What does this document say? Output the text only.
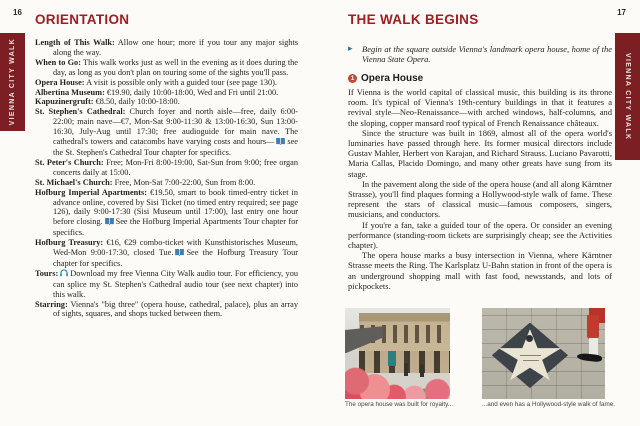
16
VIENNA CITY WALK
ORIENTATION
Length of This Walk: Allow one hour; more if you tour any major sights along the way.
When to Go: This walk works just as well in the evening as it does during the day, as long as you don't plan on touring some of the sights you'll pass.
Opera House: A visit is possible only with a guided tour (see page 130).
Albertina Museum: €19.90, daily 10:00-18:00, Wed and Fri until 21:00.
Kapuzinergruft: €8.50, daily 10:00-18:00.
St. Stephen's Cathedral: Church foyer and north aisle—free, daily 6:00-22:00; main nave—€7, Mon-Sat 9:00-11:30 & 13:00-16:30, Sun 13:00-16:30, July-Aug until 17:30; free audioguide for main nave. The cathedral's towers and catacombs have varying costs and hours— see the St. Stephen's Cathedral Tour chapter for specifics.
St. Peter's Church: Free; Mon-Fri 8:00-19:00, Sat-Sun from 9:00; free organ concerts daily at 15:00.
St. Michael's Church: Free, Mon-Sat 7:00-22:00, Sun from 8:00.
Hofburg Imperial Apartments: €19.50, smart to book timed-entry ticket in advance online, covered by Sisi Ticket (no timed entry required; see page 126), daily 9:00-17:30 (Sisi Museum until 17:00), last entry one hour before closing. See the Hofburg Imperial Apartments Tour chapter for specifics.
Hofburg Treasury: €16, €29 combo-ticket with Kunsthistorisches Museum, Wed-Mon 9:00-17:30, closed Tue. See the Hofburg Treasury Tour chapter for specifics.
Tours: Download my free Vienna City Walk audio tour. For efficiency, you can splice my St. Stephen's Cathedral audio tour (see next chapter) into this walk.
Starring: Vienna's "big three" (opera house, cathedral, palace), plus an array of sights, squares, and shops tucked between them.
17
VIENNA CITY WALK
THE WALK BEGINS
▸ Begin at the square outside Vienna's landmark opera house, home of the Vienna State Opera.
1 Opera House

If Vienna is the world capital of classical music, this building is its throne room. It's typical of Vienna's 19th-century buildings in that it features a revival style—Neo-Renaissance—with arched windows, half-columns, and the sloping, copper mansard roof typical of French Renaissance châteaux.

Since the structure was built in 1869, almost all of the opera world's luminaries have passed through here. Its former musical directors include Gustav Mahler, Herbert von Karajan, and Richard Strauss. Luciano Pavarotti, Maria Callas, Placido Domingo, and many other greats have sung from its stage.

In the pavement along the side of the opera house (and all along Kärntner Strasse), you'll find plaques forming a Hollywood-style walk of fame. These represent the stars of classical music—famous composers, singers, musicians, and conductors.

If you're a fan, take a guided tour of the opera. Or consider an evening performance (standing-room tickets are surprisingly cheap; see the Activities chapter).

The opera house marks a busy intersection in Vienna, where Kärntner Strasse meets the Ring. The Karlsplatz U-Bahn station in front of the opera is an underground shopping mall with fast food, newsstands, and lots of pickpockets.

The opera house was built for royalty...	...and even has a Hollywood-style walk of fame.
